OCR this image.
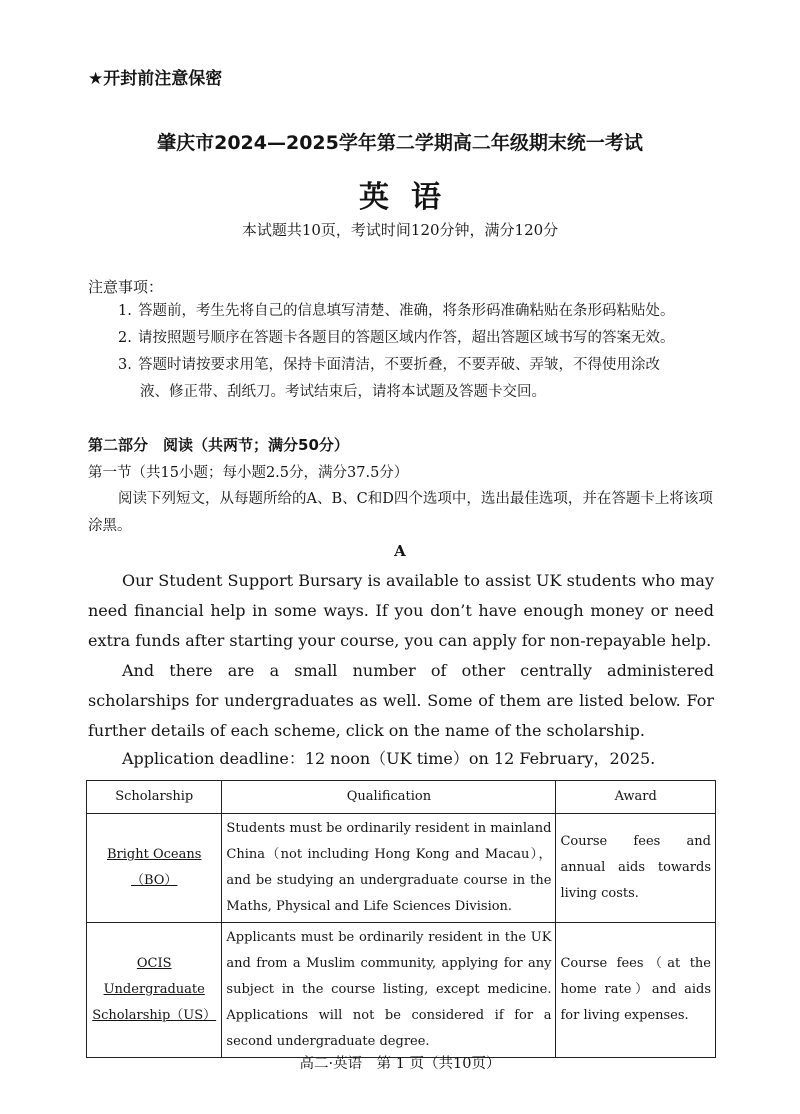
★开封前注意保密
肇庆市2024—2025学年第二学期高二年级期末统一考试
英语
本试题共10页，考试时间120分钟，满分120分
注意事项：
1. 答题前，考生先将自己的信息填写清楚、准确，将条形码准确粘贴在条形码粘贴处。
2. 请按照题号顺序在答题卡各题目的答题区域内作答，超出答题区域书写的答案无效。
3. 答题时请按要求用笔，保持卡面清洁，不要折叠，不要弄破、弄皱，不得使用涂改
液、修正带、刮纸刀。考试结束后，请将本试题及答题卡交回。
第二部分　阅读（共两节；满分50分）
第一节（共15小题；每小题2.5分，满分37.5分）
阅读下列短文，从每题所给的A、B、C和D四个选项中，选出最佳选项，并在答题卡上将该项涂黑。
A

Our Student Support Bursary is available to assist UK students who may need financial help in some ways. If you don’t have enough money or need extra funds after starting your course, you can apply for non-repayable help.

And there are a small number of other centrally administered scholarships for undergraduates as well. Some of them are listed below. For further details of each scheme, click on the name of the scholarship.

Application deadline：12 noon（UK time）on 12 February，2025.
Scholarship	Qualification	Award
Bright Oceans（BO）	Students must be ordinarily resident in mainland China（not including Hong Kong and Macau），and be studying an undergraduate course in the Maths, Physical and Life Sciences Division.	Course fees and annual aids towards living costs.
OCIS Undergraduate Scholarship（US）	Applicants must be ordinarily resident in the UK and from a Muslim community, applying for any subject in the course listing, except medicine. Applications will not be considered if for a second undergraduate degree.	Course fees（at the home rate）and aids for living expenses.
高二·英语　第 1 页（共10页）
